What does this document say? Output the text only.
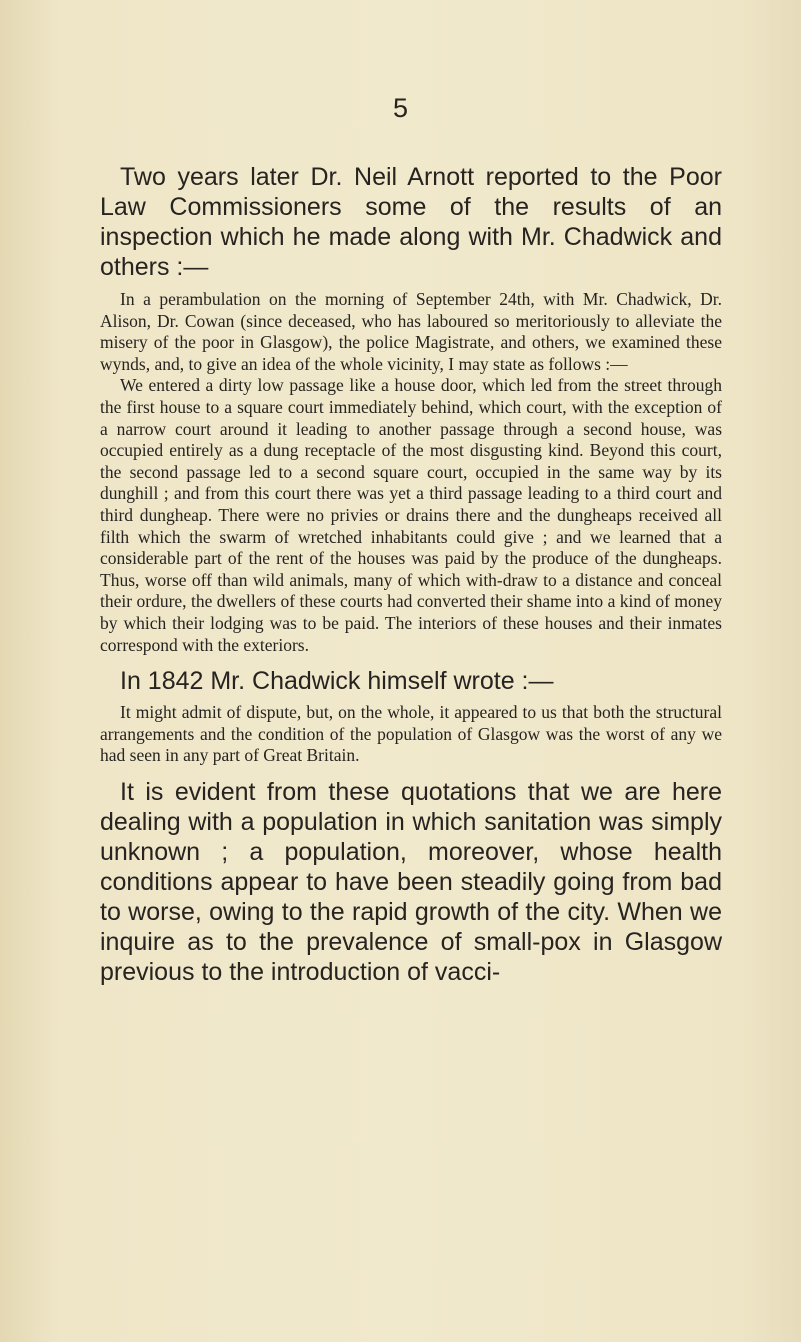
5

Two years later Dr. Neil Arnott reported to the Poor Law Commissioners some of the results of an inspection which he made along with Mr. Chadwick and others :—

In a perambulation on the morning of September 24th, with Mr. Chadwick, Dr. Alison, Dr. Cowan (since deceased, who has laboured so meritoriously to alleviate the misery of the poor in Glasgow), the police Magistrate, and others, we examined these wynds, and, to give an idea of the whole vicinity, I may state as follows :—

We entered a dirty low passage like a house door, which led from the street through the first house to a square court immediately behind, which court, with the exception of a narrow court around it leading to another passage through a second house, was occupied entirely as a dung receptacle of the most disgusting kind. Beyond this court, the second passage led to a second square court, occupied in the same way by its dunghill ; and from this court there was yet a third passage leading to a third court and third dungheap. There were no privies or drains there and the dungheaps received all filth which the swarm of wretched inhabitants could give ; and we learned that a considerable part of the rent of the houses was paid by the produce of the dungheaps. Thus, worse off than wild animals, many of which with-draw to a distance and conceal their ordure, the dwellers of these courts had converted their shame into a kind of money by which their lodging was to be paid. The interiors of these houses and their inmates correspond with the exteriors.

In 1842 Mr. Chadwick himself wrote :—

It might admit of dispute, but, on the whole, it appeared to us that both the structural arrangements and the condition of the population of Glasgow was the worst of any we had seen in any part of Great Britain.

It is evident from these quotations that we are here dealing with a population in which sanitation was simply unknown ; a population, moreover, whose health conditions appear to have been steadily going from bad to worse, owing to the rapid growth of the city. When we inquire as to the prevalence of small-pox in Glasgow previous to the introduction of vacci-
